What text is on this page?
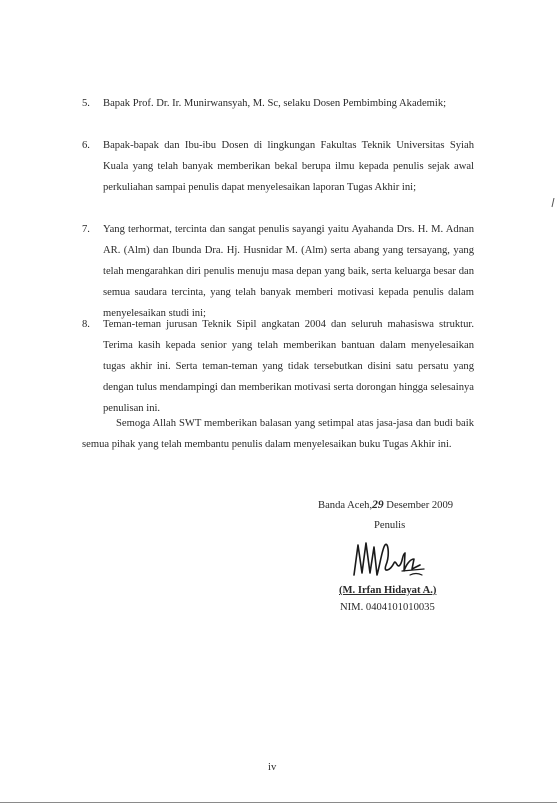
5. Bapak Prof. Dr. Ir. Munirwansyah, M. Sc, selaku Dosen Pembimbing Akademik;
6. Bapak-bapak dan Ibu-ibu Dosen di lingkungan Fakultas Teknik Universitas Syiah Kuala yang telah banyak memberikan bekal berupa ilmu kepada penulis sejak awal perkuliahan sampai penulis dapat menyelesaikan laporan Tugas Akhir ini;
7. Yang terhormat, tercinta dan sangat penulis sayangi yaitu Ayahanda Drs. H. M. Adnan AR. (Alm) dan Ibunda Dra. Hj. Husnidar M. (Alm) serta abang yang tersayang, yang telah mengarahkan diri penulis menuju masa depan yang baik, serta keluarga besar dan semua saudara tercinta, yang telah banyak memberi motivasi kepada penulis dalam menyelesaikan studi ini;
8. Teman-teman jurusan Teknik Sipil angkatan 2004 dan seluruh mahasiswa struktur. Terima kasih kepada senior yang telah memberikan bantuan dalam menyelesaikan tugas akhir ini. Serta teman-teman yang tidak tersebutkan disini satu persatu yang dengan tulus mendampingi dan memberikan motivasi serta dorongan hingga selesainya penulisan ini.
Semoga Allah SWT memberikan balasan yang setimpal atas jasa-jasa dan budi baik semua pihak yang telah membantu penulis dalam menyelesaikan buku Tugas Akhir ini.
Banda Aceh,29 Desember 2009
Penulis
(M. Irfan Hidayat A.)
NIM. 0404101010035
iv
